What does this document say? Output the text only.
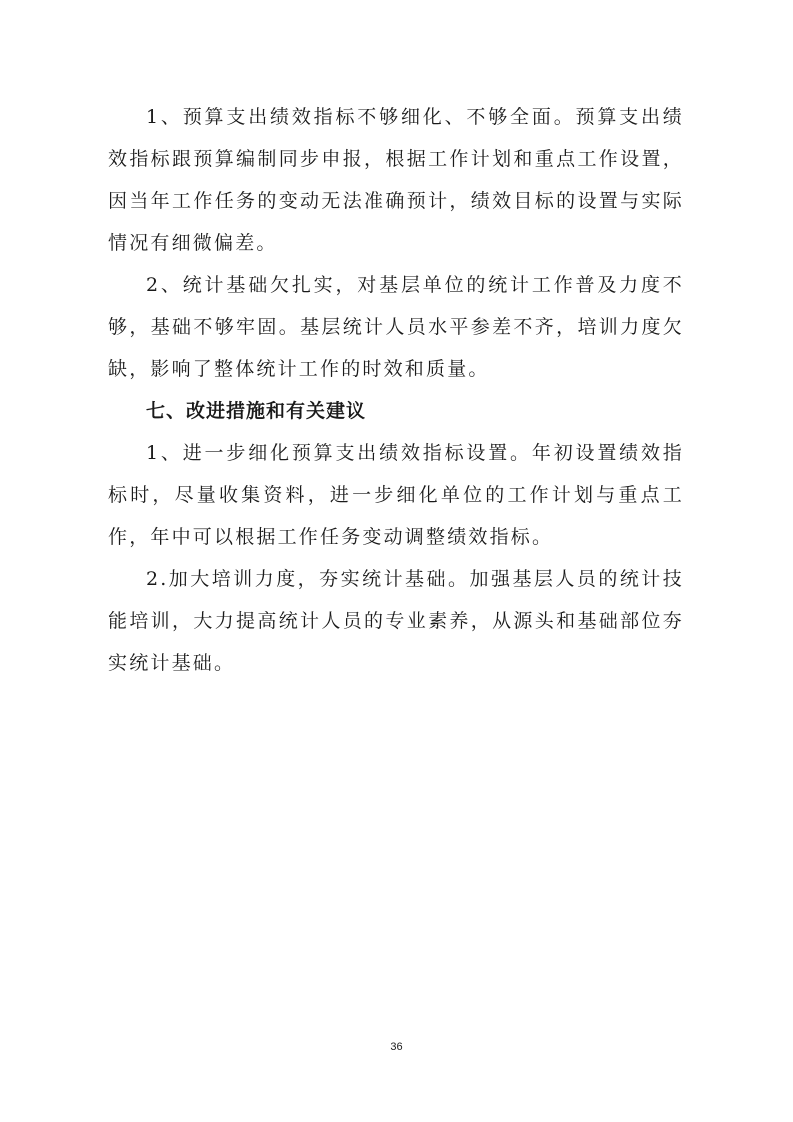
1、预算支出绩效指标不够细化、不够全面。预算支出绩效指标跟预算编制同步申报，根据工作计划和重点工作设置，因当年工作任务的变动无法准确预计，绩效目标的设置与实际情况有细微偏差。

2、统计基础欠扎实，对基层单位的统计工作普及力度不够，基础不够牢固。基层统计人员水平参差不齐，培训力度欠缺，影响了整体统计工作的时效和质量。

七、改进措施和有关建议

1、进一步细化预算支出绩效指标设置。年初设置绩效指标时，尽量收集资料，进一步细化单位的工作计划与重点工作，年中可以根据工作任务变动调整绩效指标。

2.加大培训力度，夯实统计基础。加强基层人员的统计技能培训，大力提高统计人员的专业素养，从源头和基础部位夯实统计基础。

36
